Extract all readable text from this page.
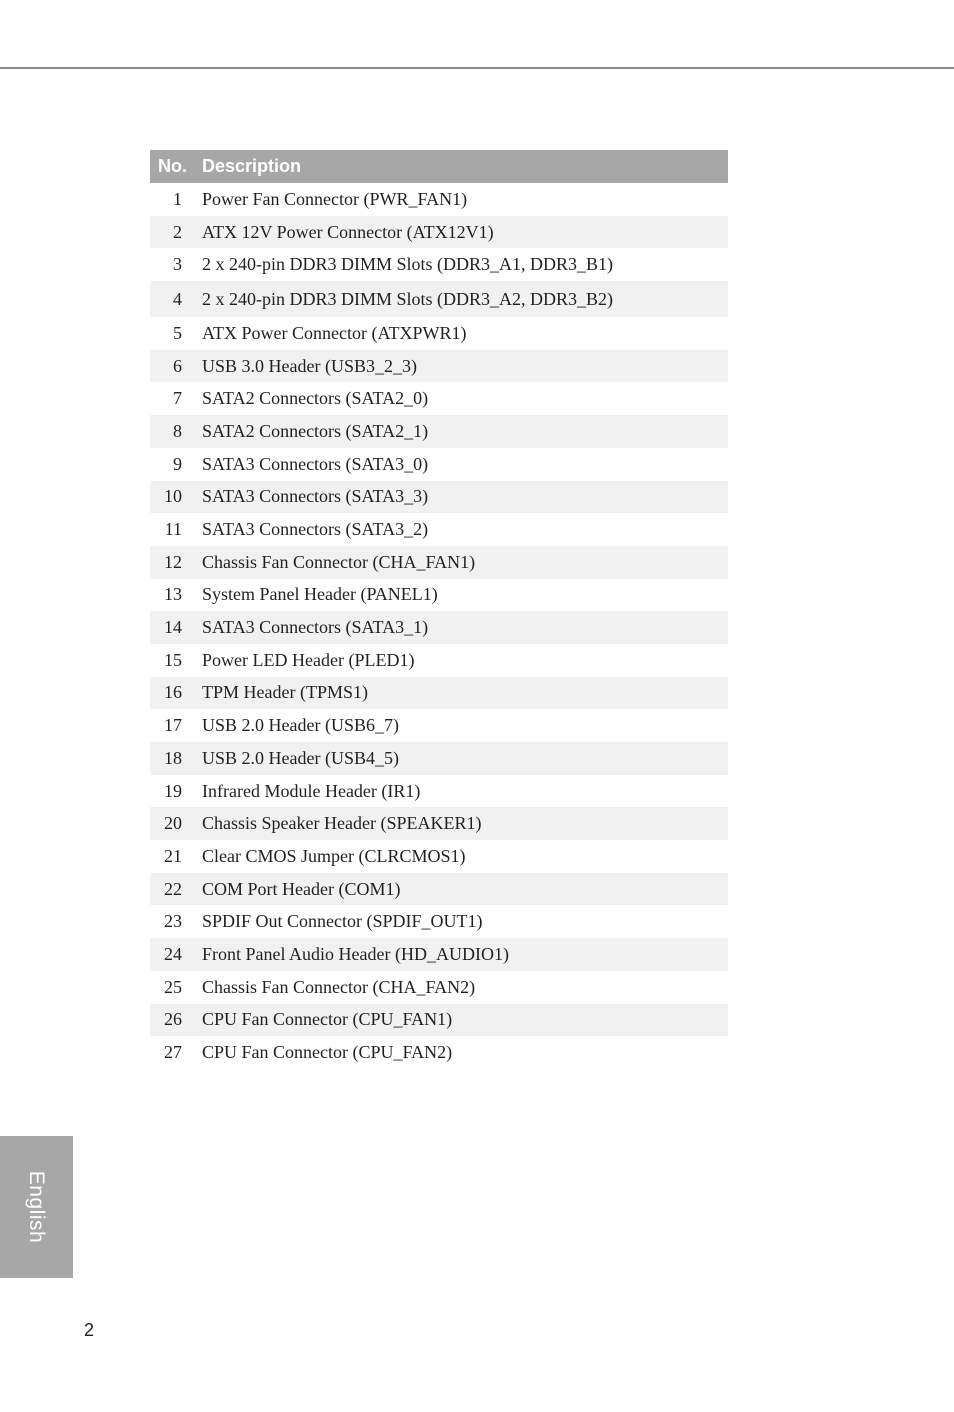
No. Description
1	Power Fan Connector (PWR_FAN1)
2	ATX 12V Power Connector (ATX12V1)
3	2 x 240-pin DDR3 DIMM Slots (DDR3_A1, DDR3_B1)
4	2 x 240-pin DDR3 DIMM Slots (DDR3_A2, DDR3_B2)
5	ATX Power Connector (ATXPWR1)
6	USB 3.0 Header (USB3_2_3)
7	SATA2 Connectors (SATA2_0)
8	SATA2 Connectors (SATA2_1)
9	SATA3 Connectors (SATA3_0)
10	SATA3 Connectors (SATA3_3)
11	SATA3 Connectors (SATA3_2)
12	Chassis Fan Connector (CHA_FAN1)
13	System Panel Header (PANEL1)
14	SATA3 Connectors (SATA3_1)
15	Power LED Header (PLED1)
16	TPM Header (TPMS1)
17	USB 2.0 Header (USB6_7)
18	USB 2.0 Header (USB4_5)
19	Infrared Module Header (IR1)
20	Chassis Speaker Header (SPEAKER1)
21	Clear CMOS Jumper (CLRCMOS1)
22	COM Port Header (COM1)
23	SPDIF Out Connector (SPDIF_OUT1)
24	Front Panel Audio Header (HD_AUDIO1)
25	Chassis Fan Connector (CHA_FAN2)
26	CPU Fan Connector (CPU_FAN1)
27	CPU Fan Connector (CPU_FAN2)
English
2
